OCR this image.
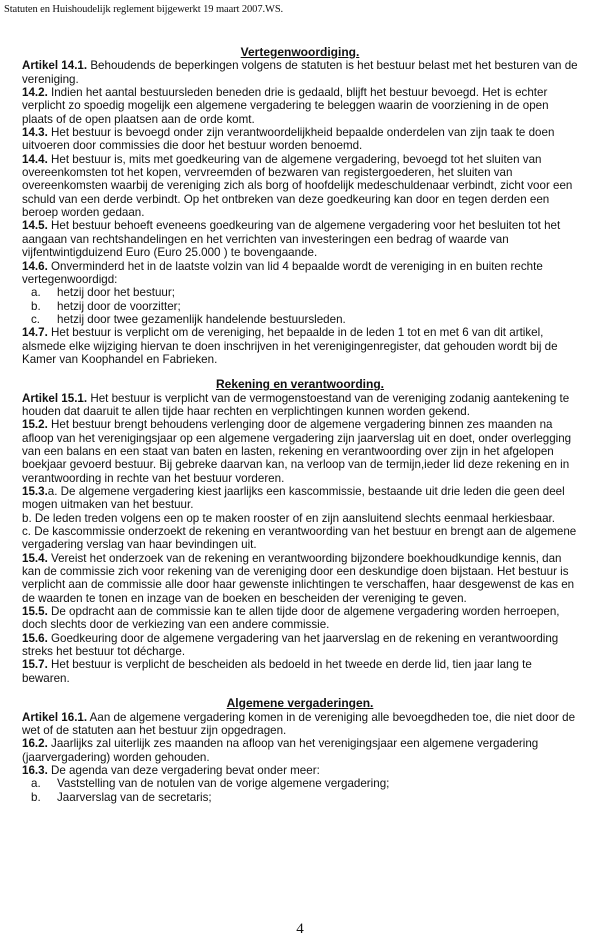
Statuten en Huishoudelijk reglement bijgewerkt 19 maart 2007.WS.

Vertegenwoordiging.

Artikel 14.1. Behoudends de beperkingen volgens de statuten is het bestuur belast met het besturen van de vereniging.

14.2. Indien het aantal bestuursleden beneden drie is gedaald, blijft het bestuur bevoegd. Het is echter verplicht zo spoedig mogelijk een algemene vergadering te beleggen waarin de voorziening in de open plaats of de open plaatsen aan de orde komt.

14.3. Het bestuur is bevoegd onder zijn verantwoordelijkheid bepaalde onderdelen van zijn taak te doen uitvoeren door commissies die door het bestuur worden benoemd.

14.4. Het bestuur is, mits met goedkeuring van de algemene vergadering, bevoegd tot het sluiten van overeenkomsten tot het kopen, vervreemden of bezwaren van registergoederen, het sluiten van overeenkomsten waarbij de vereniging zich als borg of hoofdelijk medeschuldenaar verbindt, zicht voor een schuld van een derde verbindt. Op het ontbreken van deze goedkeuring kan door en tegen derden een beroep worden gedaan.

14.5. Het bestuur behoeft eveneens goedkeuring van de algemene vergadering voor het besluiten tot het aangaan van rechtshandelingen en het verrichten van investeringen een bedrag of waarde van vijfentwintigduizend Euro (Euro 25.000 ) te bovengaande.

14.6. Onverminderd het in de laatste volzin van lid 4 bepaalde wordt de vereniging in en buiten rechte vertegenwoordigd:

a. hetzij door het bestuur;

b. hetzij door de voorzitter;

c. hetzij door twee gezamenlijk handelende bestuursleden.

14.7. Het bestuur is verplicht om de vereniging, het bepaalde in de leden 1 tot en met 6 van dit artikel, alsmede elke wijziging hiervan te doen inschrijven in het verenigingenregister, dat gehouden wordt bij de Kamer van Koophandel en Fabrieken.

Rekening en verantwoording.

Artikel 15.1. Het bestuur is verplicht van de vermogenstoestand van de vereniging zodanig aantekening te houden dat daaruit te allen tijde haar rechten en verplichtingen kunnen worden gekend.

15.2. Het bestuur brengt behoudens verlenging door de algemene vergadering binnen zes maanden na afloop van het verenigingsjaar op een algemene vergadering zijn jaarverslag uit en doet, onder overlegging van een balans en een staat van baten en lasten, rekening en verantwoording over zijn in het afgelopen boekjaar gevoerd bestuur. Bij gebreke daarvan kan, na verloop van de termijn,ieder lid deze rekening en in verantwoording in rechte van het bestuur vorderen.

15.3.a. De algemene vergadering kiest jaarlijks een kascommissie, bestaande uit drie leden die geen deel mogen uitmaken van het bestuur.

b. De leden treden volgens een op te maken rooster of en zijn aansluitend slechts eenmaal herkiesbaar.

c. De kascommissie onderzoekt de rekening en verantwoording van het bestuur en brengt aan de algemene vergadering verslag van haar bevindingen uit.

15.4. Vereist het onderzoek van de rekening en verantwoording bijzondere boekhoudkundige kennis, dan kan de commissie zich voor rekening van de vereniging door een deskundige doen bijstaan. Het bestuur is verplicht aan de commissie alle door haar gewenste inlichtingen te verschaffen, haar desgewenst de kas en de waarden te tonen en inzage van de boeken en bescheiden der vereniging te geven.

15.5. De opdracht aan de commissie kan te allen tijde door de algemene vergadering worden herroepen, doch slechts door de verkiezing van een andere commissie.

15.6. Goedkeuring door de algemene vergadering van het jaarverslag en de rekening en verantwoording streks het bestuur tot décharge.

15.7. Het bestuur is verplicht de bescheiden als bedoeld in het tweede en derde lid, tien jaar lang te bewaren.

Algemene vergaderingen.

Artikel 16.1. Aan de algemene vergadering komen in de vereniging alle bevoegdheden toe, die niet door de wet of de statuten aan het bestuur zijn opgedragen.

16.2. Jaarlijks zal uiterlijk zes maanden na afloop van het verenigingsjaar een algemene vergadering (jaarvergadering) worden gehouden.

16.3. De agenda van deze vergadering bevat onder meer:

a. Vaststelling van de notulen van de vorige algemene vergadering;

b. Jaarverslag van de secretaris;

4
